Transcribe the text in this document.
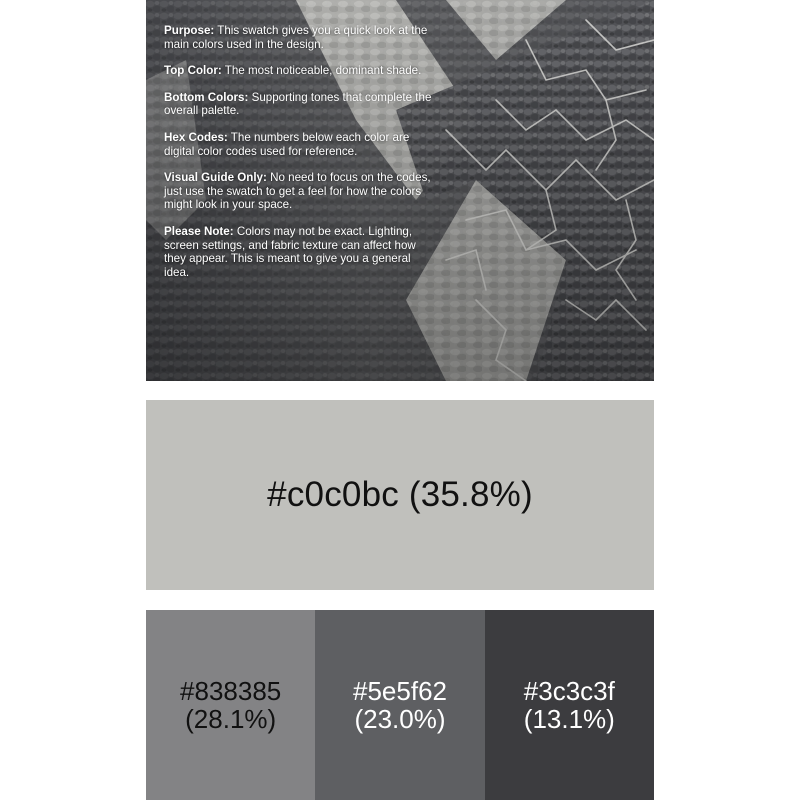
Purpose: This swatch gives you a quick look at the main colors used in the design.

Top Color: The most noticeable, dominant shade.

Bottom Colors: Supporting tones that complete the overall palette.

Hex Codes: The numbers below each color are digital color codes used for reference.

Visual Guide Only: No need to focus on the codes, just use the swatch to get a feel for how the colors might look in your space.

Please Note: Colors may not be exact. Lighting, screen settings, and fabric texture can affect how they appear. This is meant to give you a general idea.

#c0c0bc (35.8%)
#838385
(28.1%)
#5e5f62
(23.0%)
#3c3c3f
(13.1%)
